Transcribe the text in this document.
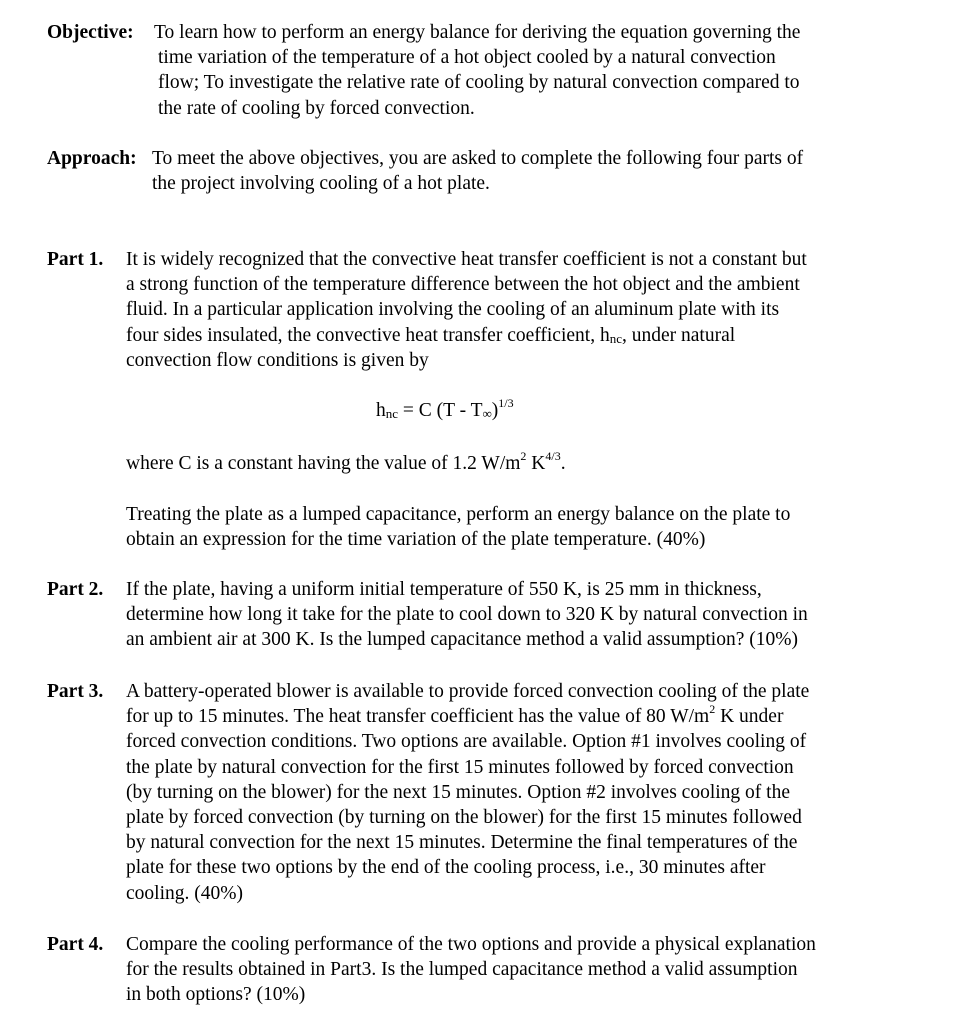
Objective: To learn how to perform an energy balance for deriving the equation governing the
time variation of the temperature of a hot object cooled by a natural convection
flow; To investigate the relative rate of cooling by natural convection compared to
the rate of cooling by forced convection.
Approach: To meet the above objectives, you are asked to complete the following four parts of
the project involving cooling of a hot plate.
Part 1. It is widely recognized that the convective heat transfer coefficient is not a constant but
a strong function of the temperature difference between the hot object and the ambient
fluid. In a particular application involving the cooling of an aluminum plate with its
four sides insulated, the convective heat transfer coefficient, $h_{nc}$, under natural
convection flow conditions is given by
$h_{nc} = C$ $(T - T_\infty)^{1/3}$
where C is a constant having the value of 1.2 $W/m^2$ $K^{4/3}$.
Treating the plate as a lumped capacitance, perform an energy balance on the plate to
obtain an expression for the time variation of the plate temperature. (40%)
Part 2. If the plate, having a uniform initial temperature of 550 K, is 25 mm in thickness,
determine how long it take for the plate to cool down to 320 K by natural convection in
an ambient air at 300 K. Is the lumped capacitance method a valid assumption? (10%)
Part 3. A battery-operated blower is available to provide forced convection cooling of the plate
for up to 15 minutes. The heat transfer coefficient has the value of 80 $W/m^2$ K under
forced convection conditions. Two options are available. Option #1 involves cooling of
the plate by natural convection for the first 15 minutes followed by forced convection
(by turning on the blower) for the next 15 minutes. Option #2 involves cooling of the
plate by forced convection (by turning on the blower) for the first 15 minutes followed
by natural convection for the next 15 minutes. Determine the final temperatures of the
plate for these two options by the end of the cooling process, i.e., 30 minutes after
cooling. (40%)
Part 4. Compare the cooling performance of the two options and provide a physical explanation
for the results obtained in Part3. Is the lumped capacitance method a valid assumption
in both options? (10%)
